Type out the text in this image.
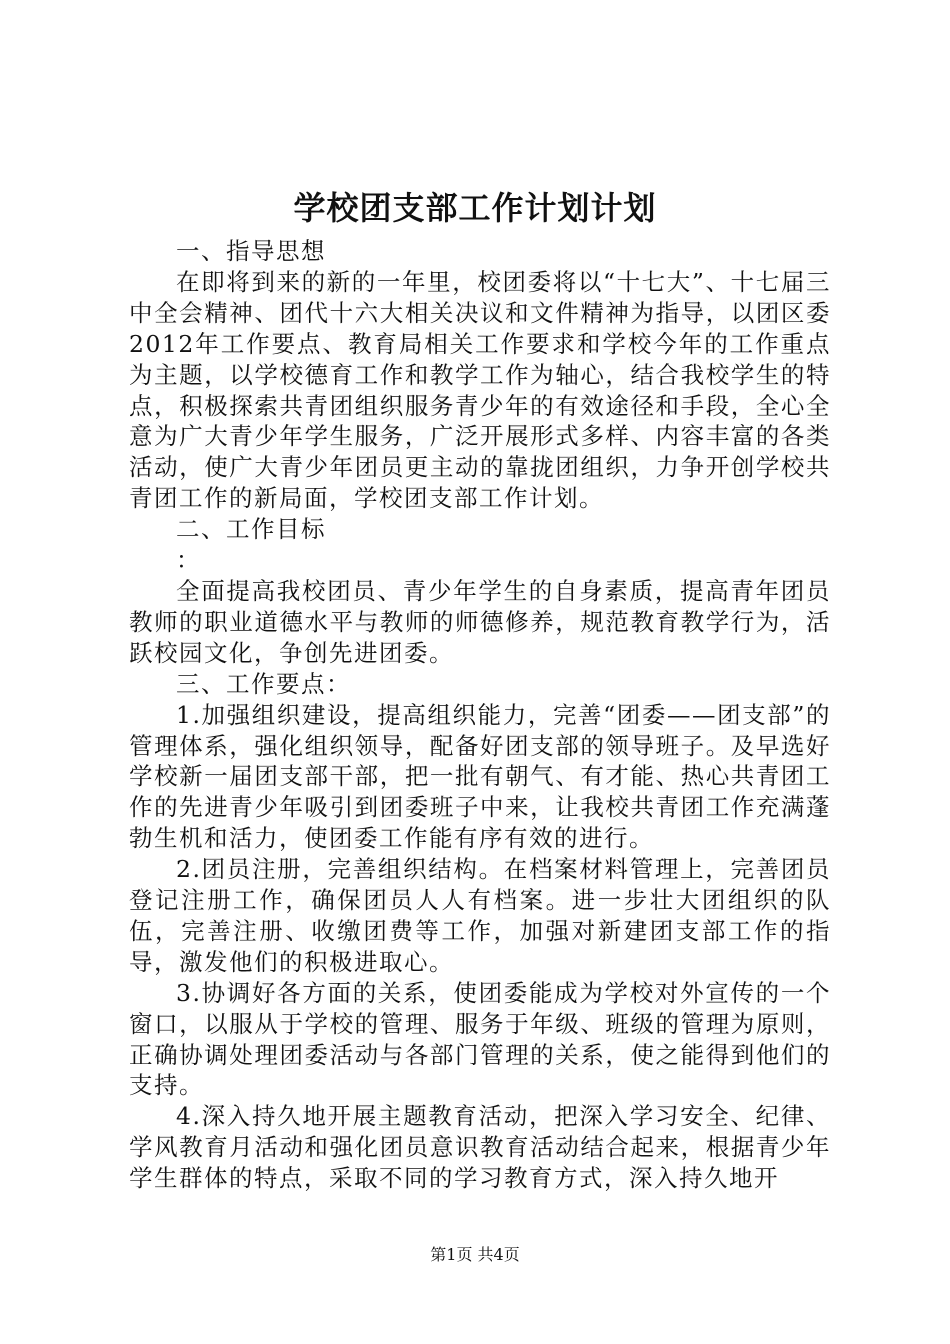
学校团支部工作计划计划

一、指导思想

在即将到来的新的一年里，校团委将以“十七大”、十七届三中全会精神、团代十六大相关决议和文件精神为指导，以团区委2012年工作要点、教育局相关工作要求和学校今年的工作重点为主题，以学校德育工作和教学工作为轴心，结合我校学生的特点，积极探索共青团组织服务青少年的有效途径和手段，全心全意为广大青少年学生服务，广泛开展形式多样、内容丰富的各类活动，使广大青少年团员更主动的靠拢团组织，力争开创学校共青团工作的新局面，学校团支部工作计划。

二、工作目标

：

全面提高我校团员、青少年学生的自身素质，提高青年团员教师的职业道德水平与教师的师德修养，规范教育教学行为，活跃校园文化，争创先进团委。

三、工作要点：

1.加强组织建设，提高组织能力，完善“团委——团支部”的管理体系，强化组织领导，配备好团支部的领导班子。及早选好学校新一届团支部干部，把一批有朝气、有才能、热心共青团工作的先进青少年吸引到团委班子中来，让我校共青团工作充满蓬勃生机和活力，使团委工作能有序有效的进行。

2.团员注册，完善组织结构。在档案材料管理上，完善团员登记注册工作，确保团员人人有档案。进一步壮大团组织的队伍，完善注册、收缴团费等工作，加强对新建团支部工作的指导，激发他们的积极进取心。

3.协调好各方面的关系，使团委能成为学校对外宣传的一个窗口，以服从于学校的管理、服务于年级、班级的管理为原则，正确协调处理团委活动与各部门管理的关系，使之能得到他们的支持。

4.深入持久地开展主题教育活动，把深入学习安全、纪律、学风教育月活动和强化团员意识教育活动结合起来，根据青少年学生群体的特点，采取不同的学习教育方式，深入持久地开

第1页 共4页
